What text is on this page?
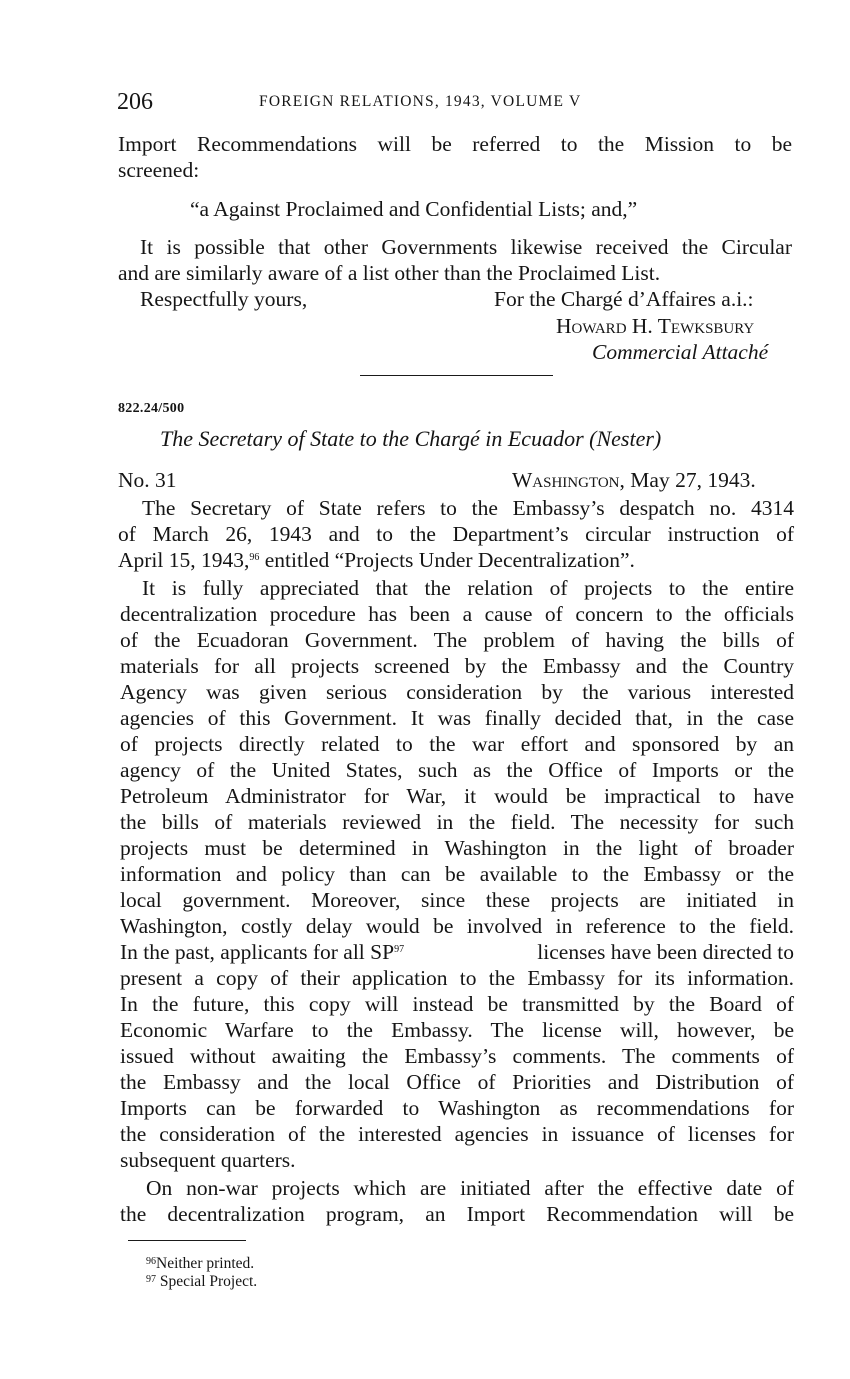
206	FOREIGN RELATIONS, 1943, VOLUME V
Import Recommendations will be referred to the Mission to be
screened:
“a Against Proclaimed and Confidential Lists; and,”
It is possible that other Governments likewise received the Circular
and are similarly aware of a list other than the Proclaimed List.
Respectfully yours,	For the Chargé d’Affaires a.i.:
Howard H. Tewksbury
Commercial Attaché
822.24/500
The Secretary of State to the Chargé in Ecuador (Nester)
No. 31	Washington, May 27, 1943.
The Secretary of State refers to the Embassy’s despatch no. 4314
of March 26, 1943 and to the Department’s circular instruction of
April 15, 1943,96 entitled “Projects Under Decentralization”.
It is fully appreciated that the relation of projects to the entire
decentralization procedure has been a cause of concern to the officials
of the Ecuadoran Government. The problem of having the bills of
materials for all projects screened by the Embassy and the Country
Agency was given serious consideration by the various interested
agencies of this Government. It was finally decided that, in the case
of projects directly related to the war effort and sponsored by an
agency of the United States, such as the Office of Imports or the
Petroleum Administrator for War, it would be impractical to have
the bills of materials reviewed in the field. The necessity for such
projects must be determined in Washington in the light of broader
information and policy than can be available to the Embassy or the
local government. Moreover, since these projects are initiated in
Washington, costly delay would be involved in reference to the field.
In the past, applicants for all SP$^{97}$	licenses have been directed to
present a copy of their application to the Embassy for its information.
In the future, this copy will instead be transmitted by the Board of
Economic Warfare to the Embassy. The license will, however, be
issued without awaiting the Embassy’s comments. The comments of
the Embassy and the local Office of Priorities and Distribution of
Imports can be forwarded to Washington as recommendations for
the consideration of the interested agencies in issuance of licenses for
subsequent quarters.
On non-war projects which are initiated after the effective date of
the decentralization program, an Import Recommendation will be
$^{96}$Neither printed.
$^{97}$ Special Project.
